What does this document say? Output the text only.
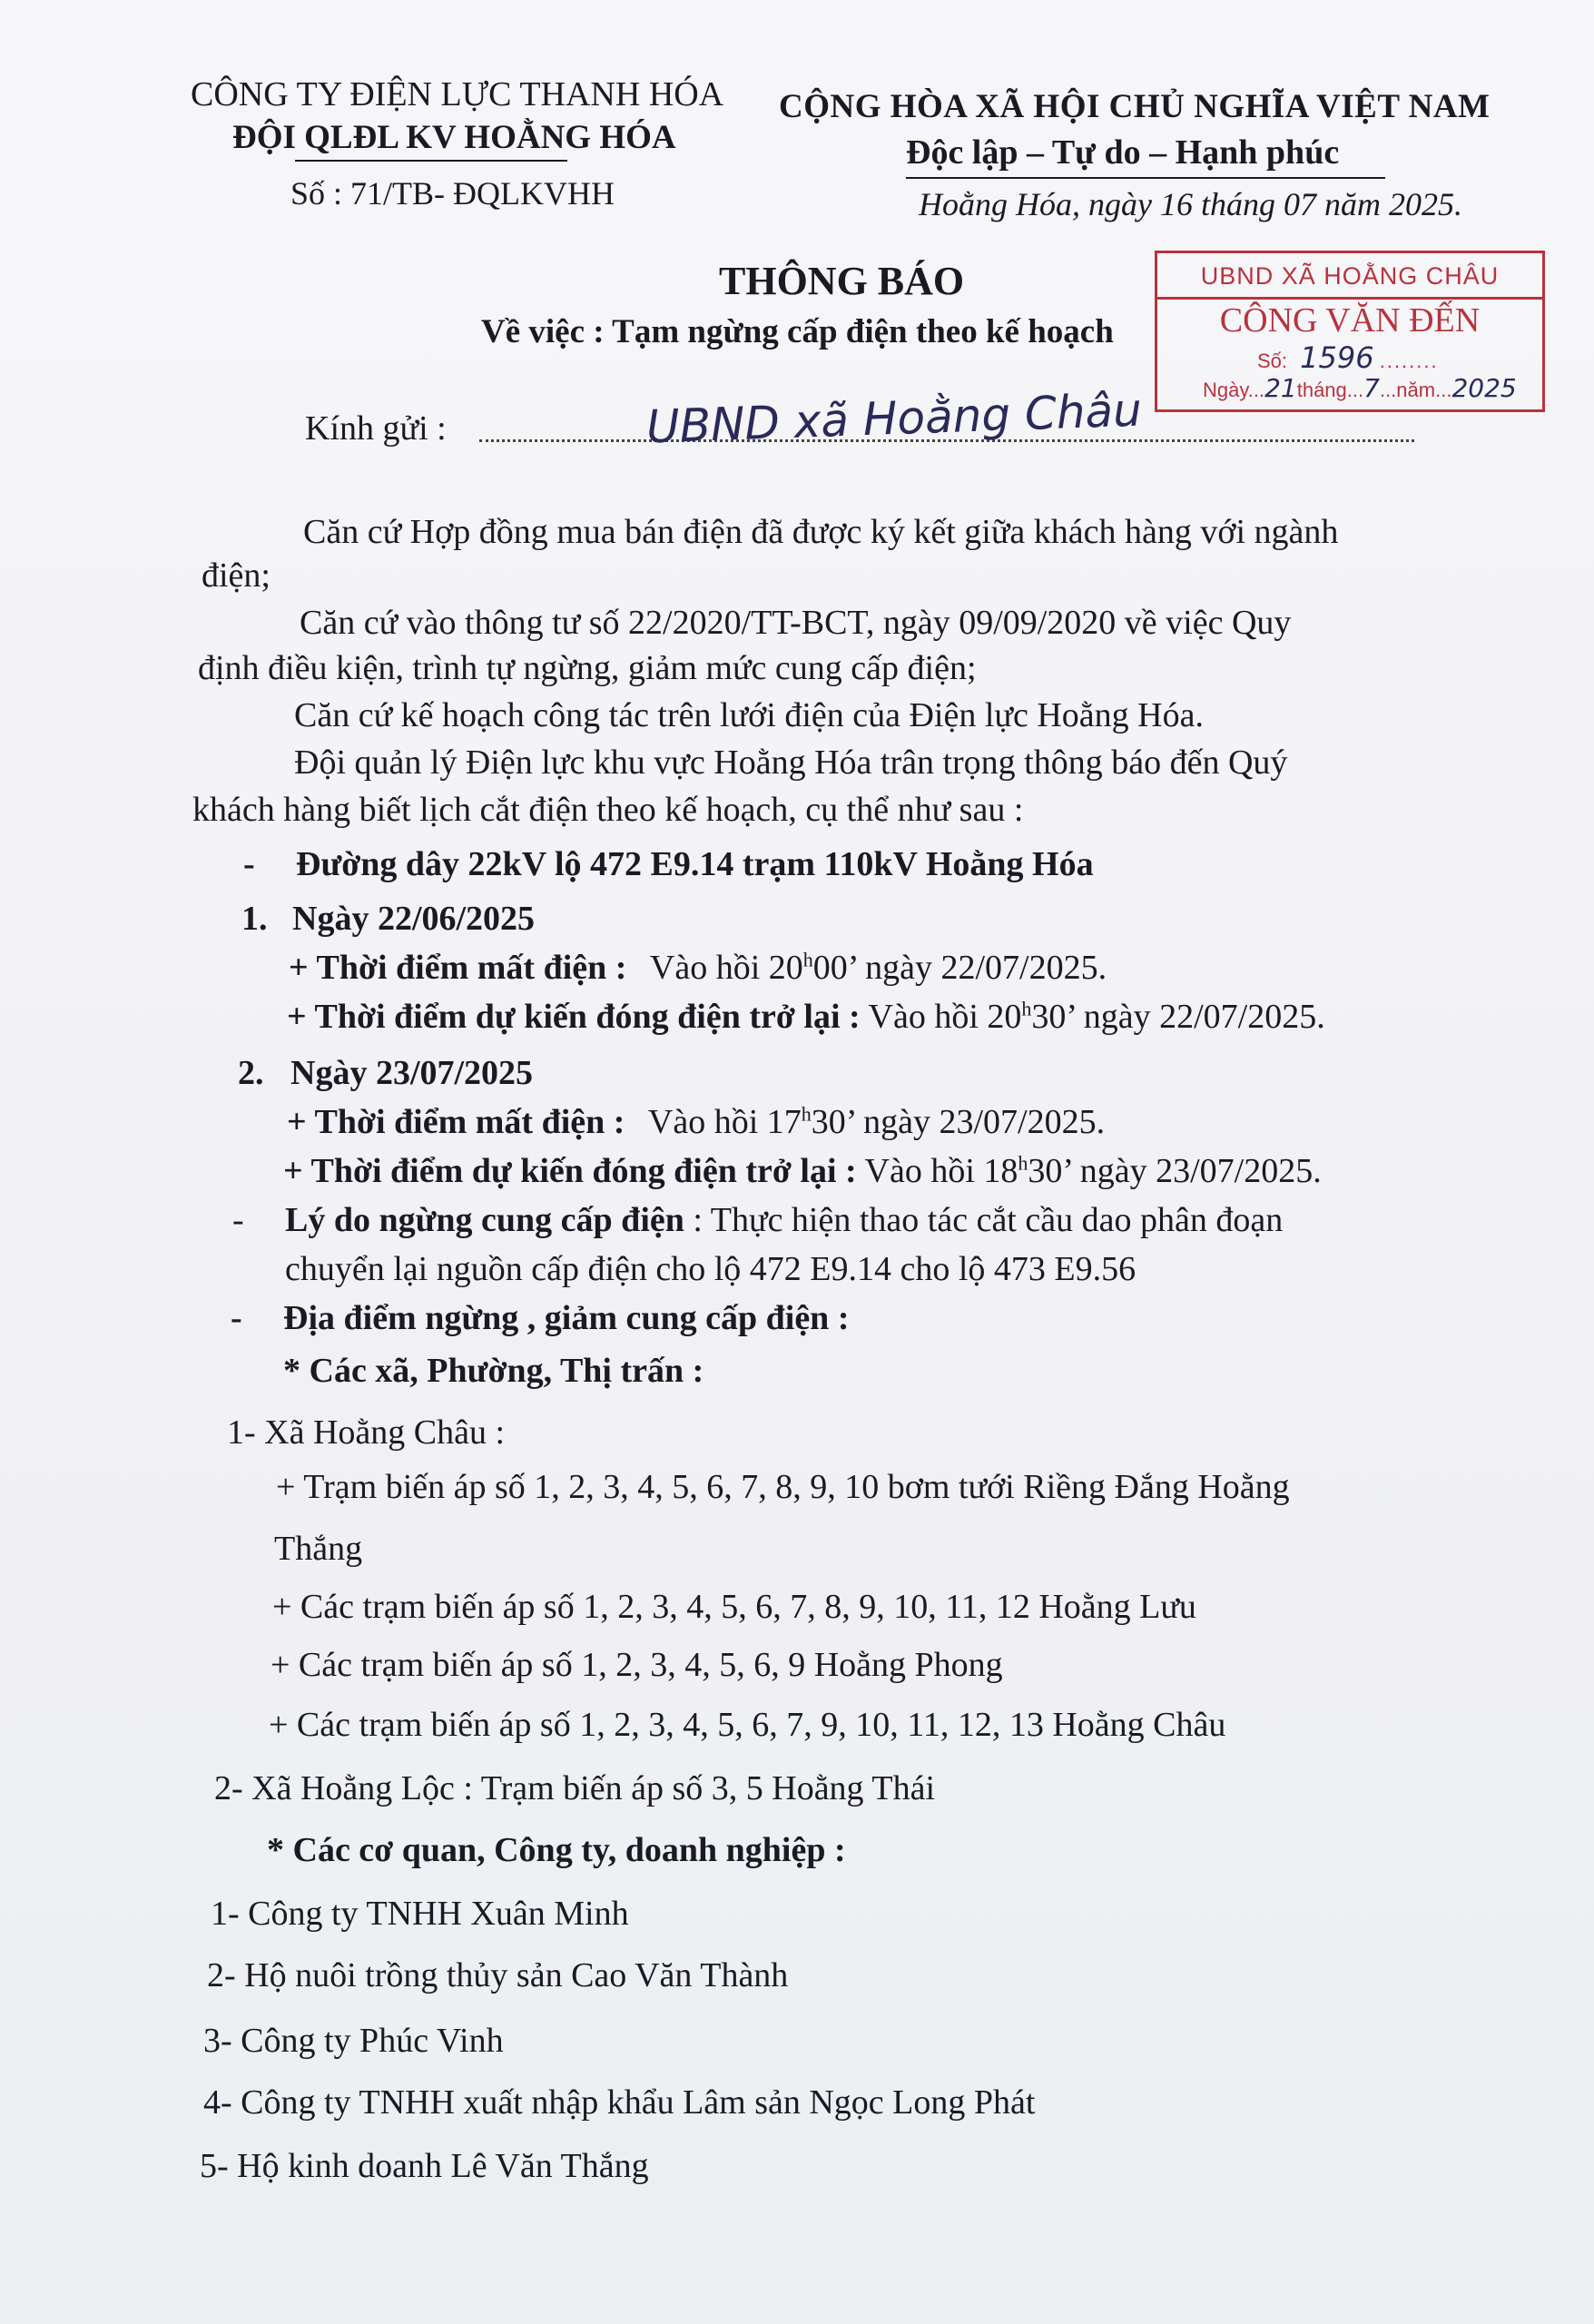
CÔNG TY ĐIỆN LỰC THANH HÓA
ĐỘI QLĐL KV HOẰNG HÓA
Số : 71/TB- ĐQLKVHH
CỘNG HÒA XÃ HỘI CHỦ NGHĨA VIỆT NAM
Độc lập – Tự do – Hạnh phúc
Hoằng Hóa, ngày 16 tháng 07 năm 2025.
THÔNG BÁO
Về việc : Tạm ngừng cấp điện theo kế hoạch
UBND XÃ HOẰNG CHÂU
CÔNG VĂN ĐẾN
Số: 1596 ........
Ngày...21tháng...7...năm...2025
Kính gửi :	UBND xã Hoằng Châu
Căn cứ Hợp đồng mua bán điện đã được ký kết giữa khách hàng với ngành
điện;
Căn cứ vào thông tư số 22/2020/TT-BCT, ngày 09/09/2020 về việc Quy
định điều kiện, trình tự ngừng, giảm mức cung cấp điện;
Căn cứ kế hoạch công tác trên lưới điện của Điện lực Hoằng Hóa.
Đội quản lý Điện lực khu vực Hoằng Hóa trân trọng thông báo đến Quý
khách hàng biết lịch cắt điện theo kế hoạch, cụ thể như sau :
- Đường dây 22kV lộ 472 E9.14 trạm 110kV Hoằng Hóa
1. Ngày 22/06/2025
+ Thời điểm mất điện : Vào hồi 20$^h$00’ ngày 22/07/2025.
+ Thời điểm dự kiến đóng điện trở lại : Vào hồi 20$^h$30’ ngày 22/07/2025.
2. Ngày 23/07/2025
+ Thời điểm mất điện : Vào hồi 17$^h$30’ ngày 23/07/2025.
+ Thời điểm dự kiến đóng điện trở lại : Vào hồi 18$^h$30’ ngày 23/07/2025.
- Lý do ngừng cung cấp điện : Thực hiện thao tác cắt cầu dao phân đoạn
chuyển lại nguồn cấp điện cho lộ 472 E9.14 cho lộ 473 E9.56
- Địa điểm ngừng , giảm cung cấp điện :
* Các xã, Phường, Thị trấn :
1- Xã Hoằng Châu :
+ Trạm biến áp số 1, 2, 3, 4, 5, 6, 7, 8, 9, 10 bơm tưới Riềng Đắng Hoằng
Thắng
+ Các trạm biến áp số 1, 2, 3, 4, 5, 6, 7, 8, 9, 10, 11, 12 Hoằng Lưu
+ Các trạm biến áp số 1, 2, 3, 4, 5, 6, 9 Hoằng Phong
+ Các trạm biến áp số 1, 2, 3, 4, 5, 6, 7, 9, 10, 11, 12, 13 Hoằng Châu
2- Xã Hoằng Lộc : Trạm biến áp số 3, 5 Hoằng Thái
* Các cơ quan, Công ty, doanh nghiệp :
1- Công ty TNHH Xuân Minh
2- Hộ nuôi trồng thủy sản Cao Văn Thành
3- Công ty Phúc Vinh
4- Công ty TNHH xuất nhập khẩu Lâm sản Ngọc Long Phát
5- Hộ kinh doanh Lê Văn Thắng
